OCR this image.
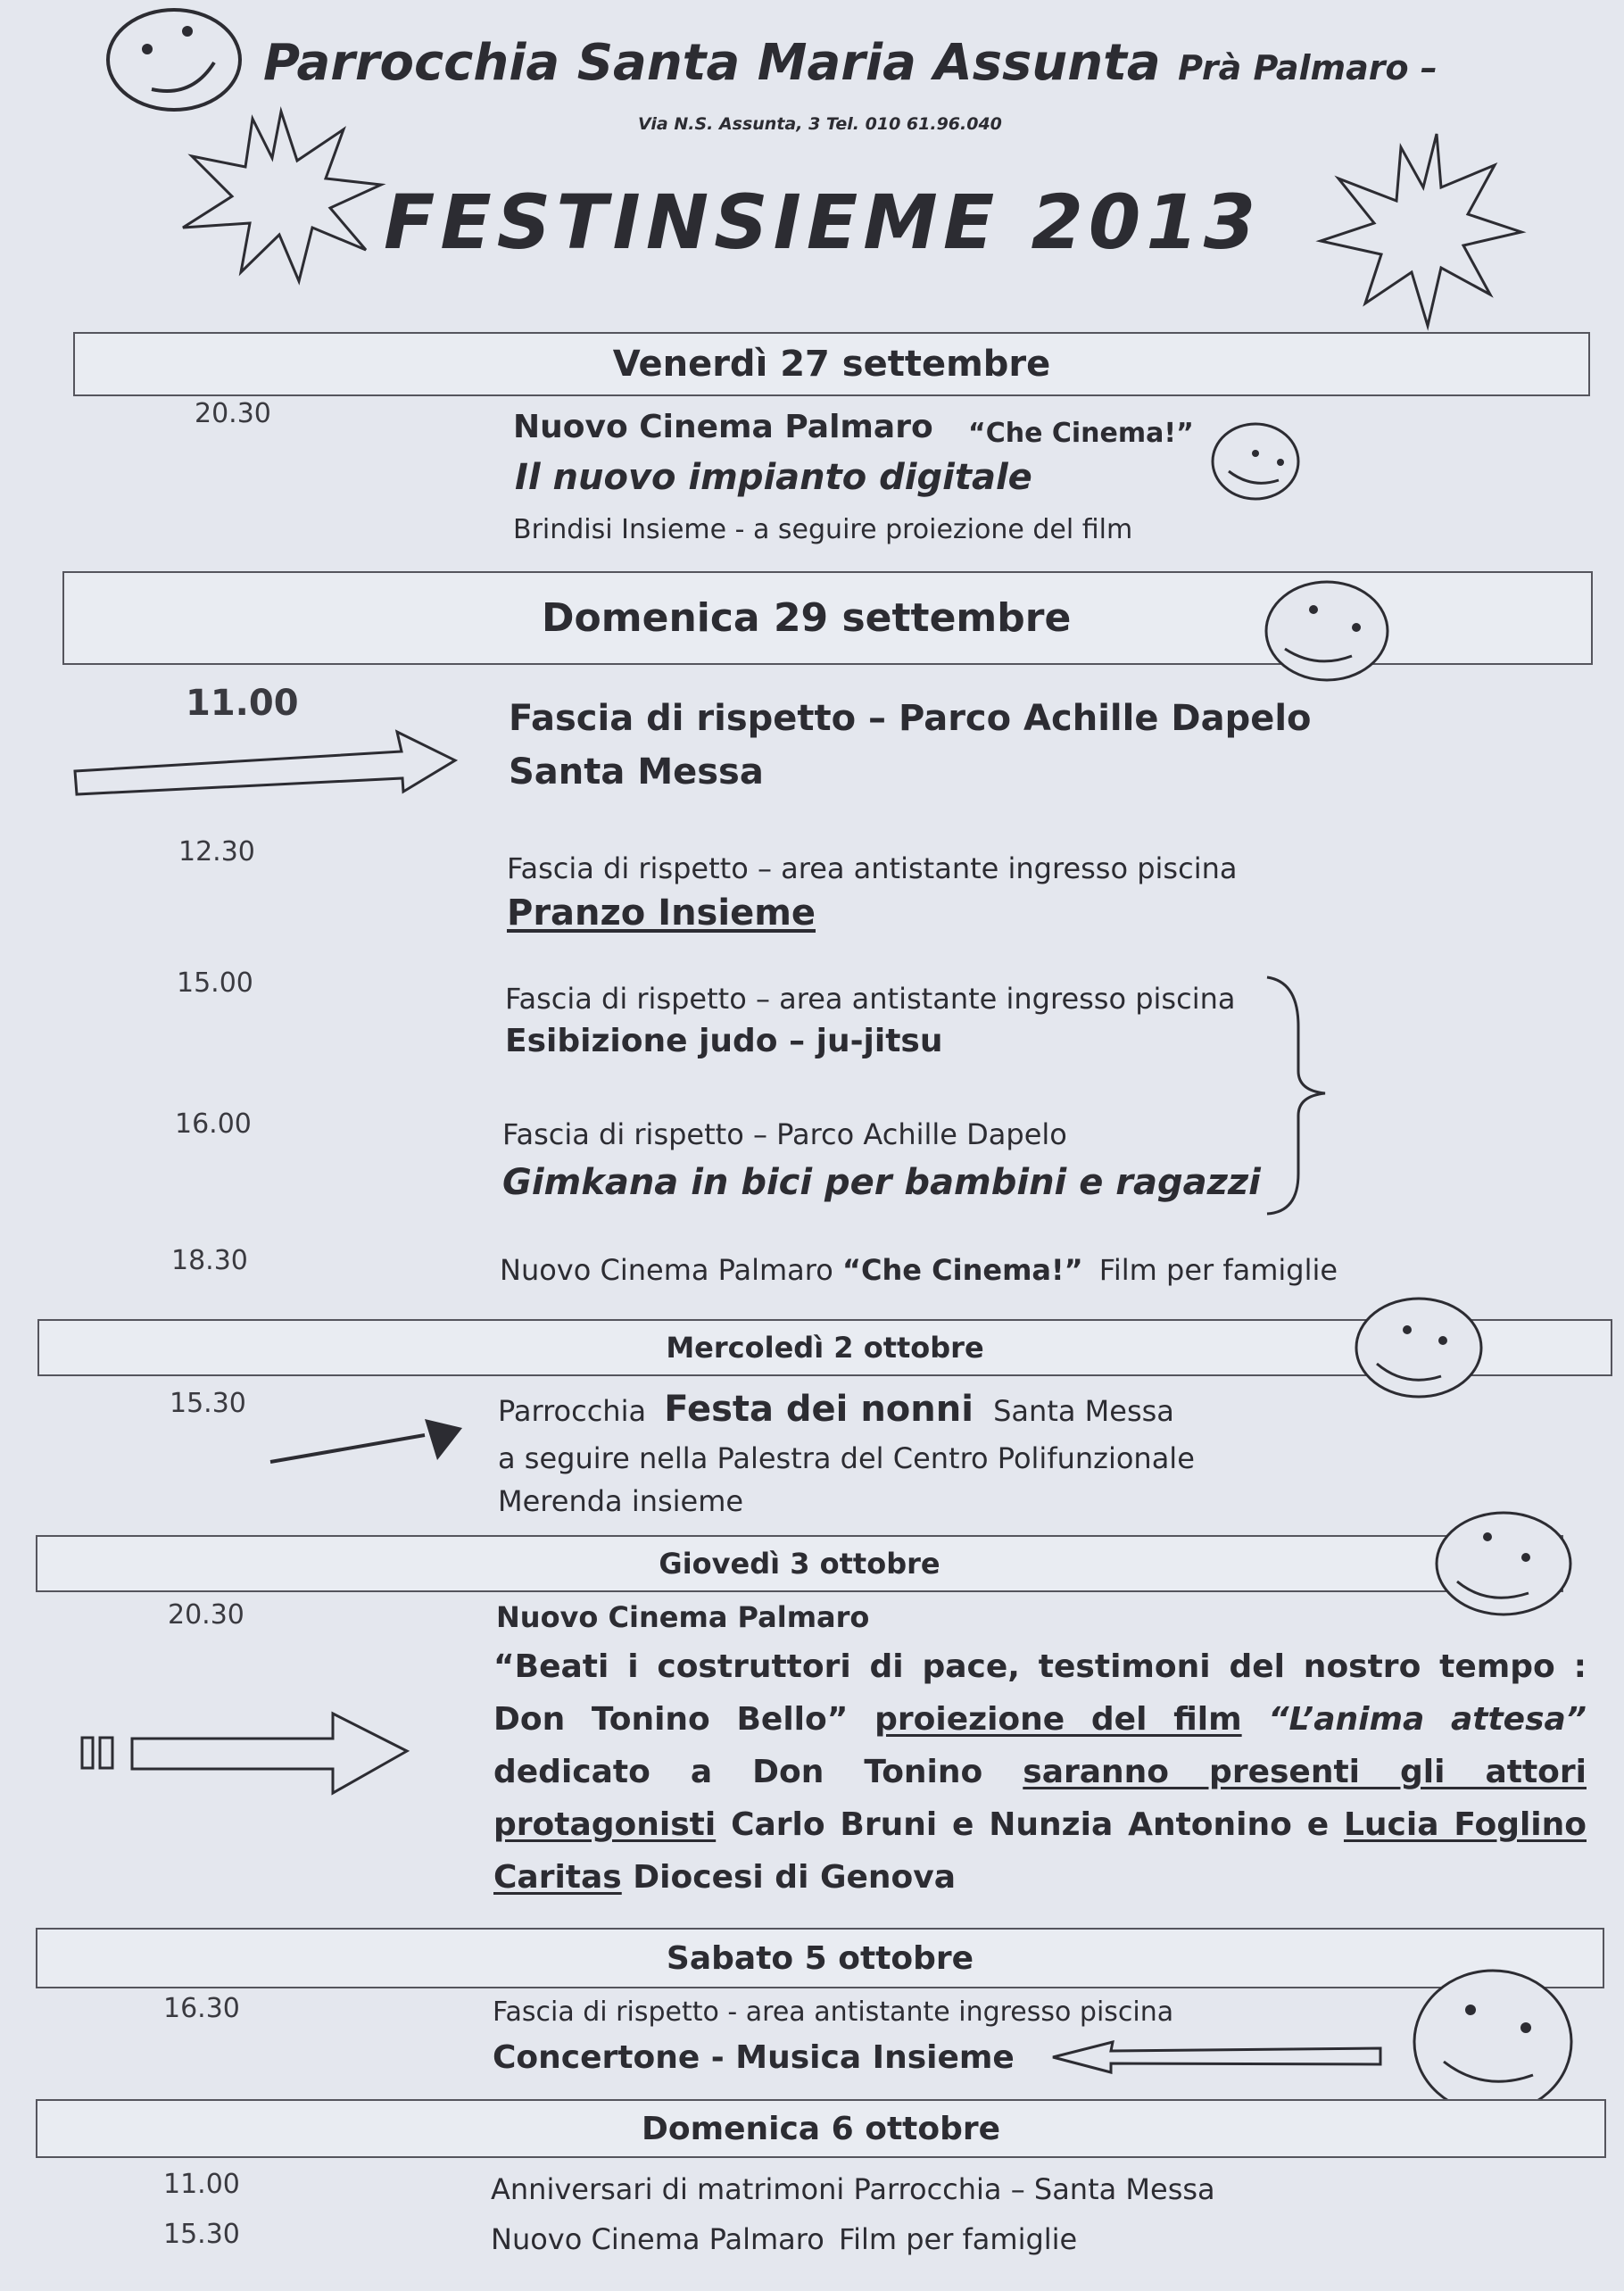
Parrocchia Santa Maria Assunta Prà Palmaro –
Via N.S. Assunta, 3 Tel. 010 61.96.040
FESTINSIEME 2013
Venerdì 27 settembre
20.30	Nuovo Cinema Palmaro “Che Cinema!”
Il nuovo impianto digitale
Brindisi Insieme - a seguire proiezione del film
Domenica 29 settembre
11.00	Fascia di rispetto – Parco Achille Dapelo
Santa Messa
12.30	Fascia di rispetto – area antistante ingresso piscina
Pranzo Insieme
15.00	Fascia di rispetto – area antistante ingresso piscina
Esibizione judo – ju-jitsu
16.00	Fascia di rispetto – Parco Achille Dapelo
Gimkana in bici per bambini e ragazzi
18.30	Nuovo Cinema Palmaro “Che Cinema!” Film per famiglie
Mercoledì 2 ottobre
15.30	Parrocchia Festa dei nonni Santa Messa
a seguire nella Palestra del Centro Polifunzionale
Merenda insieme
Giovedì 3 ottobre
20.30	Nuovo Cinema Palmaro
“Beati i costruttori di pace, testimoni del nostro tempo : Don Tonino Bello” proiezione del film “L’anima attesa” dedicato a Don Tonino saranno presenti gli attori protagonisti Carlo Bruni e Nunzia Antonino e Lucia Foglino Caritas Diocesi di Genova
Sabato 5 ottobre
16.30	Fascia di rispetto - area antistante ingresso piscina
Concertone - Musica Insieme
Domenica 6 ottobre
11.00	Anniversari di matrimoni Parrocchia – Santa Messa
15.30	Nuovo Cinema Palmaro Film per famiglie
